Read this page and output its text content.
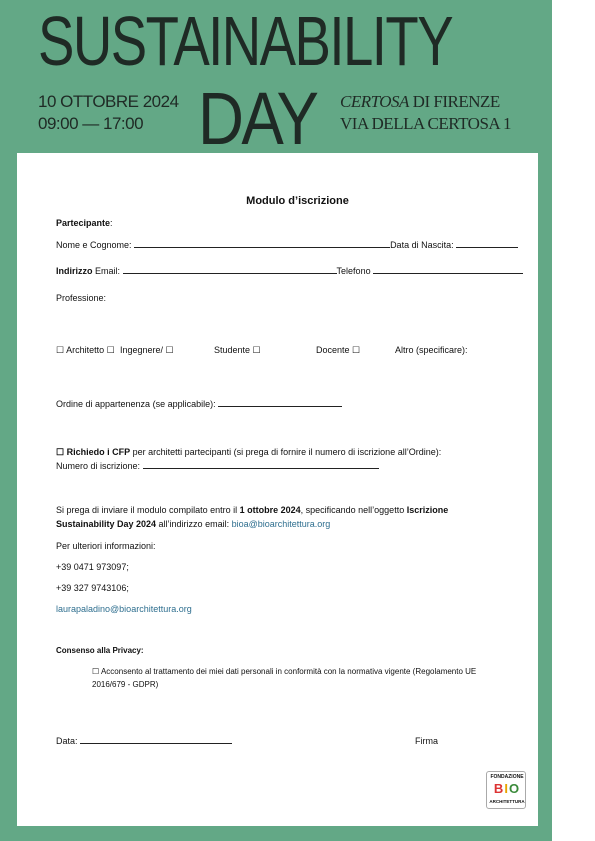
SUSTAINABILITY
DAY
10 OTTOBRE 2024
09:00 — 17:00
CERTOSA DI FIRENZE
VIA DELLA CERTOSA 1
Modulo d’iscrizione
Partecipante:
Nome e Cognome:	Data di Nascita:
Indirizzo Email:	Telefono
Professione:
☐ Architetto ☐ Ingegnere/ ☐	Studente ☐	Docente ☐	Altro (specificare):
Ordine di appartenenza (se applicabile):
☐ Richiedo i CFP per architetti partecipanti (si prega di fornire il numero di iscrizione all’Ordine):
Numero di iscrizione:
Si prega di inviare il modulo compilato entro il 1 ottobre 2024, specificando nell’oggetto Iscrizione
Sustainability Day 2024 all’indirizzo email: bioa@bioarchitettura.org
Per ulteriori informazioni:
+39 0471 973097;
+39 327 9743106;
laurapaladino@bioarchitettura.org
Consenso alla Privacy:
☐ Acconsento al trattamento dei miei dati personali in conformità con la normativa vigente (Regolamento UE
2016/679 - GDPR)
Data:	Firma
FONDAZIONE
BIO
ARCHITETTURA
